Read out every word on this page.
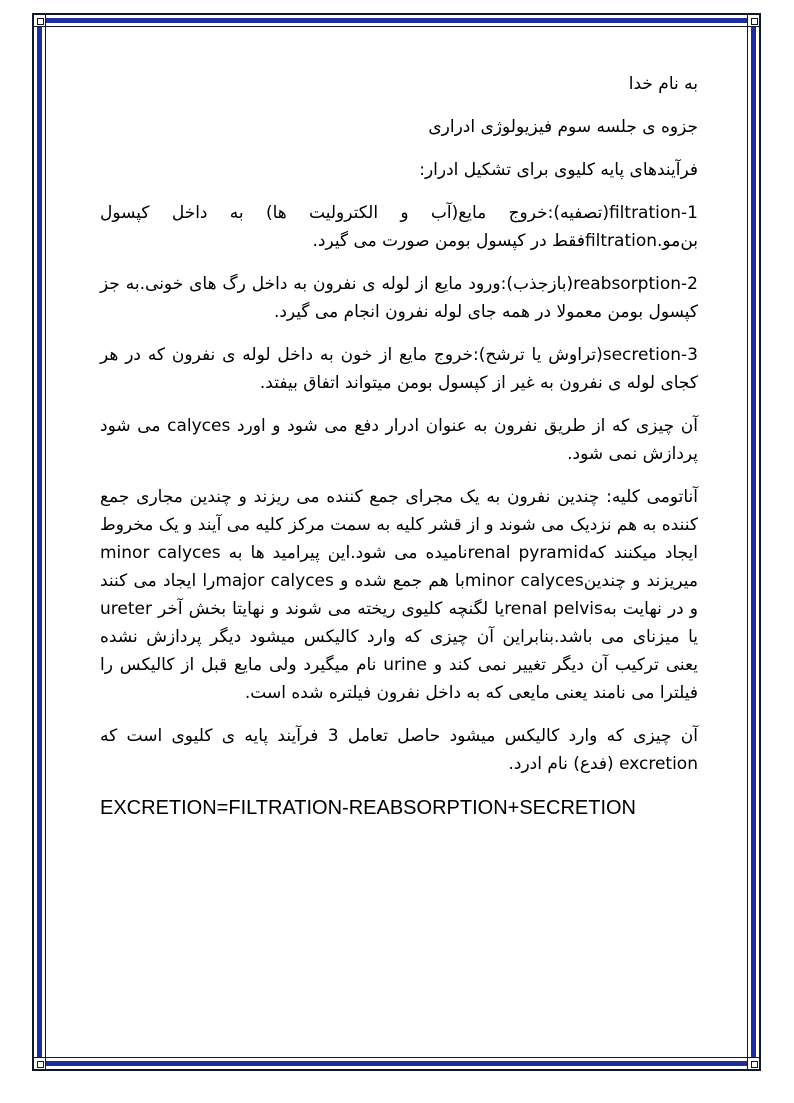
به نام خدا

جزوه ی جلسه سوم فیزیولوژی ادراری

فرآیندهای پایه کلیوی برای تشکیل ادرار:

filtration-1(تصفیه):خروج مایع(آب و الکترولیت ها) به داخل کپسول بن‌مو.filtrationفقط در کپسول بومن صورت می گیرد.

reabsorption-2(بازجذب):ورود مایع از لوله ی نفرون به داخل رگ های خونی.به جز کپسول بومن معمولا در همه جای لوله نفرون انجام می گیرد.

secretion-3(تراوش یا ترشح):خروج مایع از خون به داخل لوله ی نفرون که در هر کجای لوله ی نفرون به غیر از کپسول بومن میتواند اتفاق بیفتد.

آن چیزی که از طریق نفرون به عنوان ادرار دفع می شود و اورد calyces می شود پردازش نمی شود.

آناتومی کلیه: چندین نفرون به یک مجرای جمع کننده می ریزند و چندین مجاری جمع کننده به هم نزدیک می شوند و از قشر کلیه به سمت مرکز کلیه می آیند و یک مخروط ایجاد میکنند کهrenal pyramidنامیده می شود.این پیرامید ها به minor calyces میریزند و چندینminor calycesبا هم جمع شده و major calycesرا ایجاد می کنند و در نهایت بهrenal pelvisیا لگنچه کلیوی ریخته می شوند و نهایتا بخش آخر ureter یا میزنای می باشد.بنابراین آن چیزی که وارد کالیکس میشود دیگر پردازش نشده یعنی ترکیب آن دیگر تغییر نمی کند و urine نام میگیرد ولی مایع قبل از کالیکس را فیلترا می نامند یعنی مایعی که به داخل نفرون فیلتره شده است.

آن چیزی که وارد کالیکس میشود حاصل تعامل 3 فرآیند پایه ی کلیوی است که excretion (فدع) نام ادرد.

EXCRETION=FILTRATION-REABSORPTION+SECRETION
